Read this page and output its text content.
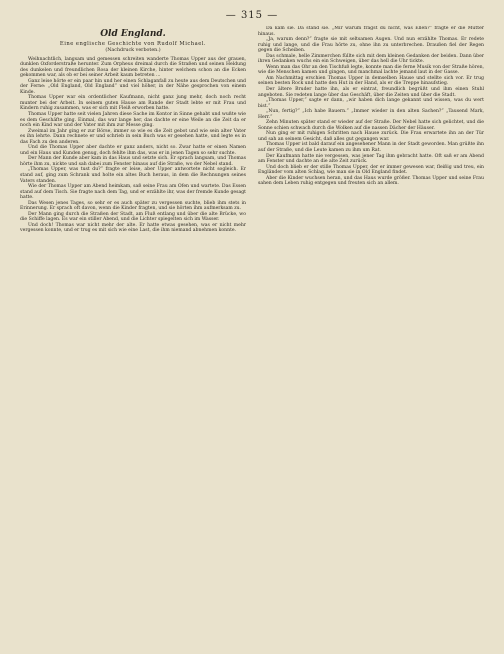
— 315 —
Old England.
Eine englische Geschichte von Rudolf Michael.
(Nachdruck verboten.)

Weihnachtlich, langsam und gemessen schreiten wanderte Thomas Upper aus der grauen, dunklen Oxforderstraße herunter. Zum Orpheus dreimal durch die Straßen und seinen Heldung des dunkelen und freundlichen Rosa der kleinen Kirche, hinter welchem schon an die Ecken gekommen war, als ob er bei seiner Arbeit kaum betreten ...

Ganz leise hörte er ein paar hin und her einen Schlaganfall zu heute aus dem Deutschen und der Ferne: „Old England, Old England” und viel höher, in der Nähe gesprochen von einem Kinde.

Thomas Upper war ein ordentlicher Kaufmann, nicht ganz jung mehr, doch noch recht munter bei der Arbeit. In seinem guten Hause am Rande der Stadt lebte er mit Frau und Kindern ruhig zusammen, was er sich mit Fleiß erworben hatte.

Thomas Upper hatte seit vielen Jahren diese Sache im Kontor in Sinne gehabt und wußte wie es dem Geschäfte ging. Einmal, das war lange her, das dachte er eine Weile an die Zeit da er noch ein Kind war und der Vater mit ihm zur Messe ging.

Zweimal im Jahr ging er zur Börse, immer so wie es die Zeit gebot und wie sein alter Vater es ihn lehrte. Dann rechnete er und schrieb in sein Buch was er gesehen hatte, und legte es in das Fach zu den anderen.

Und die Thomas Upper aber dachte er ganz anders, nicht so. Zwar hatte er einen Namen und ein Haus und Kunden genug, doch fehlte ihm das, was er in jenen Tagen so sehr suchte.

Der Mann der Kunde aber kam in das Haus und setzte sich. Er sprach langsam, und Thomas hörte ihm zu, nickte und sah dabei zum Fenster hinaus auf die Straße, wo der Nebel stand.

„Thomas Upper, was tust du?” fragte er leise, aber Upper antwortete nicht sogleich. Er stand auf, ging zum Schrank und holte ein altes Buch heraus, in dem die Rechnungen seines Vaters standen.

Wie der Thomas Upper am Abend heimkam, saß seine Frau am Ofen und wartete. Das Essen stand auf dem Tisch. Sie fragte nach dem Tag, und er erzählte ihr, was der fremde Kunde gesagt hatte.

Das Wesen jenes Tages, so sehr er es auch später zu vergessen suchte, blieb ihm stets in Erinnerung. Er sprach oft davon, wenn die Kinder fragten, und sie hörten ihm aufmerksam zu.

Der Mann ging durch die Straßen der Stadt, am Fluß entlang und über die alte Brücke, wo die Schiffe lagen. Es war ein stiller Abend, und die Lichter spiegelten sich im Wasser.

Und doch! Thomas war nicht mehr der alte. Er hatte etwas gesehen, was er nicht mehr vergessen konnte, und er trug es mit sich wie eine Last, die ihm niemand abnehmen konnte.

Da kam sie. Da stand sie. „Mir warum fragst du nicht, was Ellen?” fragte er die Mutter hinaus.

„Ja, warum denn?” fragte sie mit seltsamen Augen. Und nun erzählte Thomas. Er redete ruhig und lange, und die Frau hörte zu, ohne ihn zu unterbrechen. Draußen fiel der Regen gegen die Scheiben.

Das schmale, helle Zimmerchen füllte sich mit dem kleinen Gedanken der beiden. Dann über ihren Gedanken wuchs ein ein Schweigen, über das hell die Uhr tickte.

Wenn man das Ohr an den Tischfuß legte, konnte man die ferne Musik von der Straße hören, wie die Menschen kamen und gingen, und manchmal lachte jemand laut in der Gasse.

Am Nachmittag erschien Thomas Upper in demselben Hause und stellte sich vor. Er trug seinen besten Rock und hatte den Hut in der Hand, als er die Treppe hinaufstieg.

Der ältere Bruder hatte ihn, als er eintrat, freundlich begrüßt und ihm einen Stuhl angeboten. Sie redeten lange über das Geschäft, über die Zeiten und über die Stadt.

„Thomas Upper,” sagte er dann, „wir haben dich lange gekannt und wissen, was du wert bist.”

„Nun, fertig?” „Ich habe Bauern.” „Immer wieder in den alten Sachen?” „Tausend Mark, Herr.”

Zehn Minuten später stand er wieder auf der Straße. Der Nebel hatte sich gelichtet, und die Sonne schien schwach durch die Wolken auf die nassen Dächer der Häuser.

Nun ging er mit ruhigen Schritten nach Hause zurück. Die Frau erwartete ihn an der Tür und sah an seinem Gesicht, daß alles gut gegangen war.

Thomas Upper ist bald darauf ein angesehener Mann in der Stadt geworden. Man grüßte ihn auf der Straße, und die Leute kamen zu ihm um Rat.

Der Kaufmann hatte nie vergessen, was jener Tag ihm gebracht hatte. Oft saß er am Abend am Fenster und dachte an die alte Zeit zurück.

Und doch blieb er der stille Thomas Upper, der er immer gewesen war, fleißig und treu, ein Engländer vom alten Schlag, wie man sie in Old England findet.

Aber die Kinder wuchsen heran, und das Haus wurde größer. Thomas Upper und seine Frau sahen dem Leben ruhig entgegen und freuten sich an allem.
